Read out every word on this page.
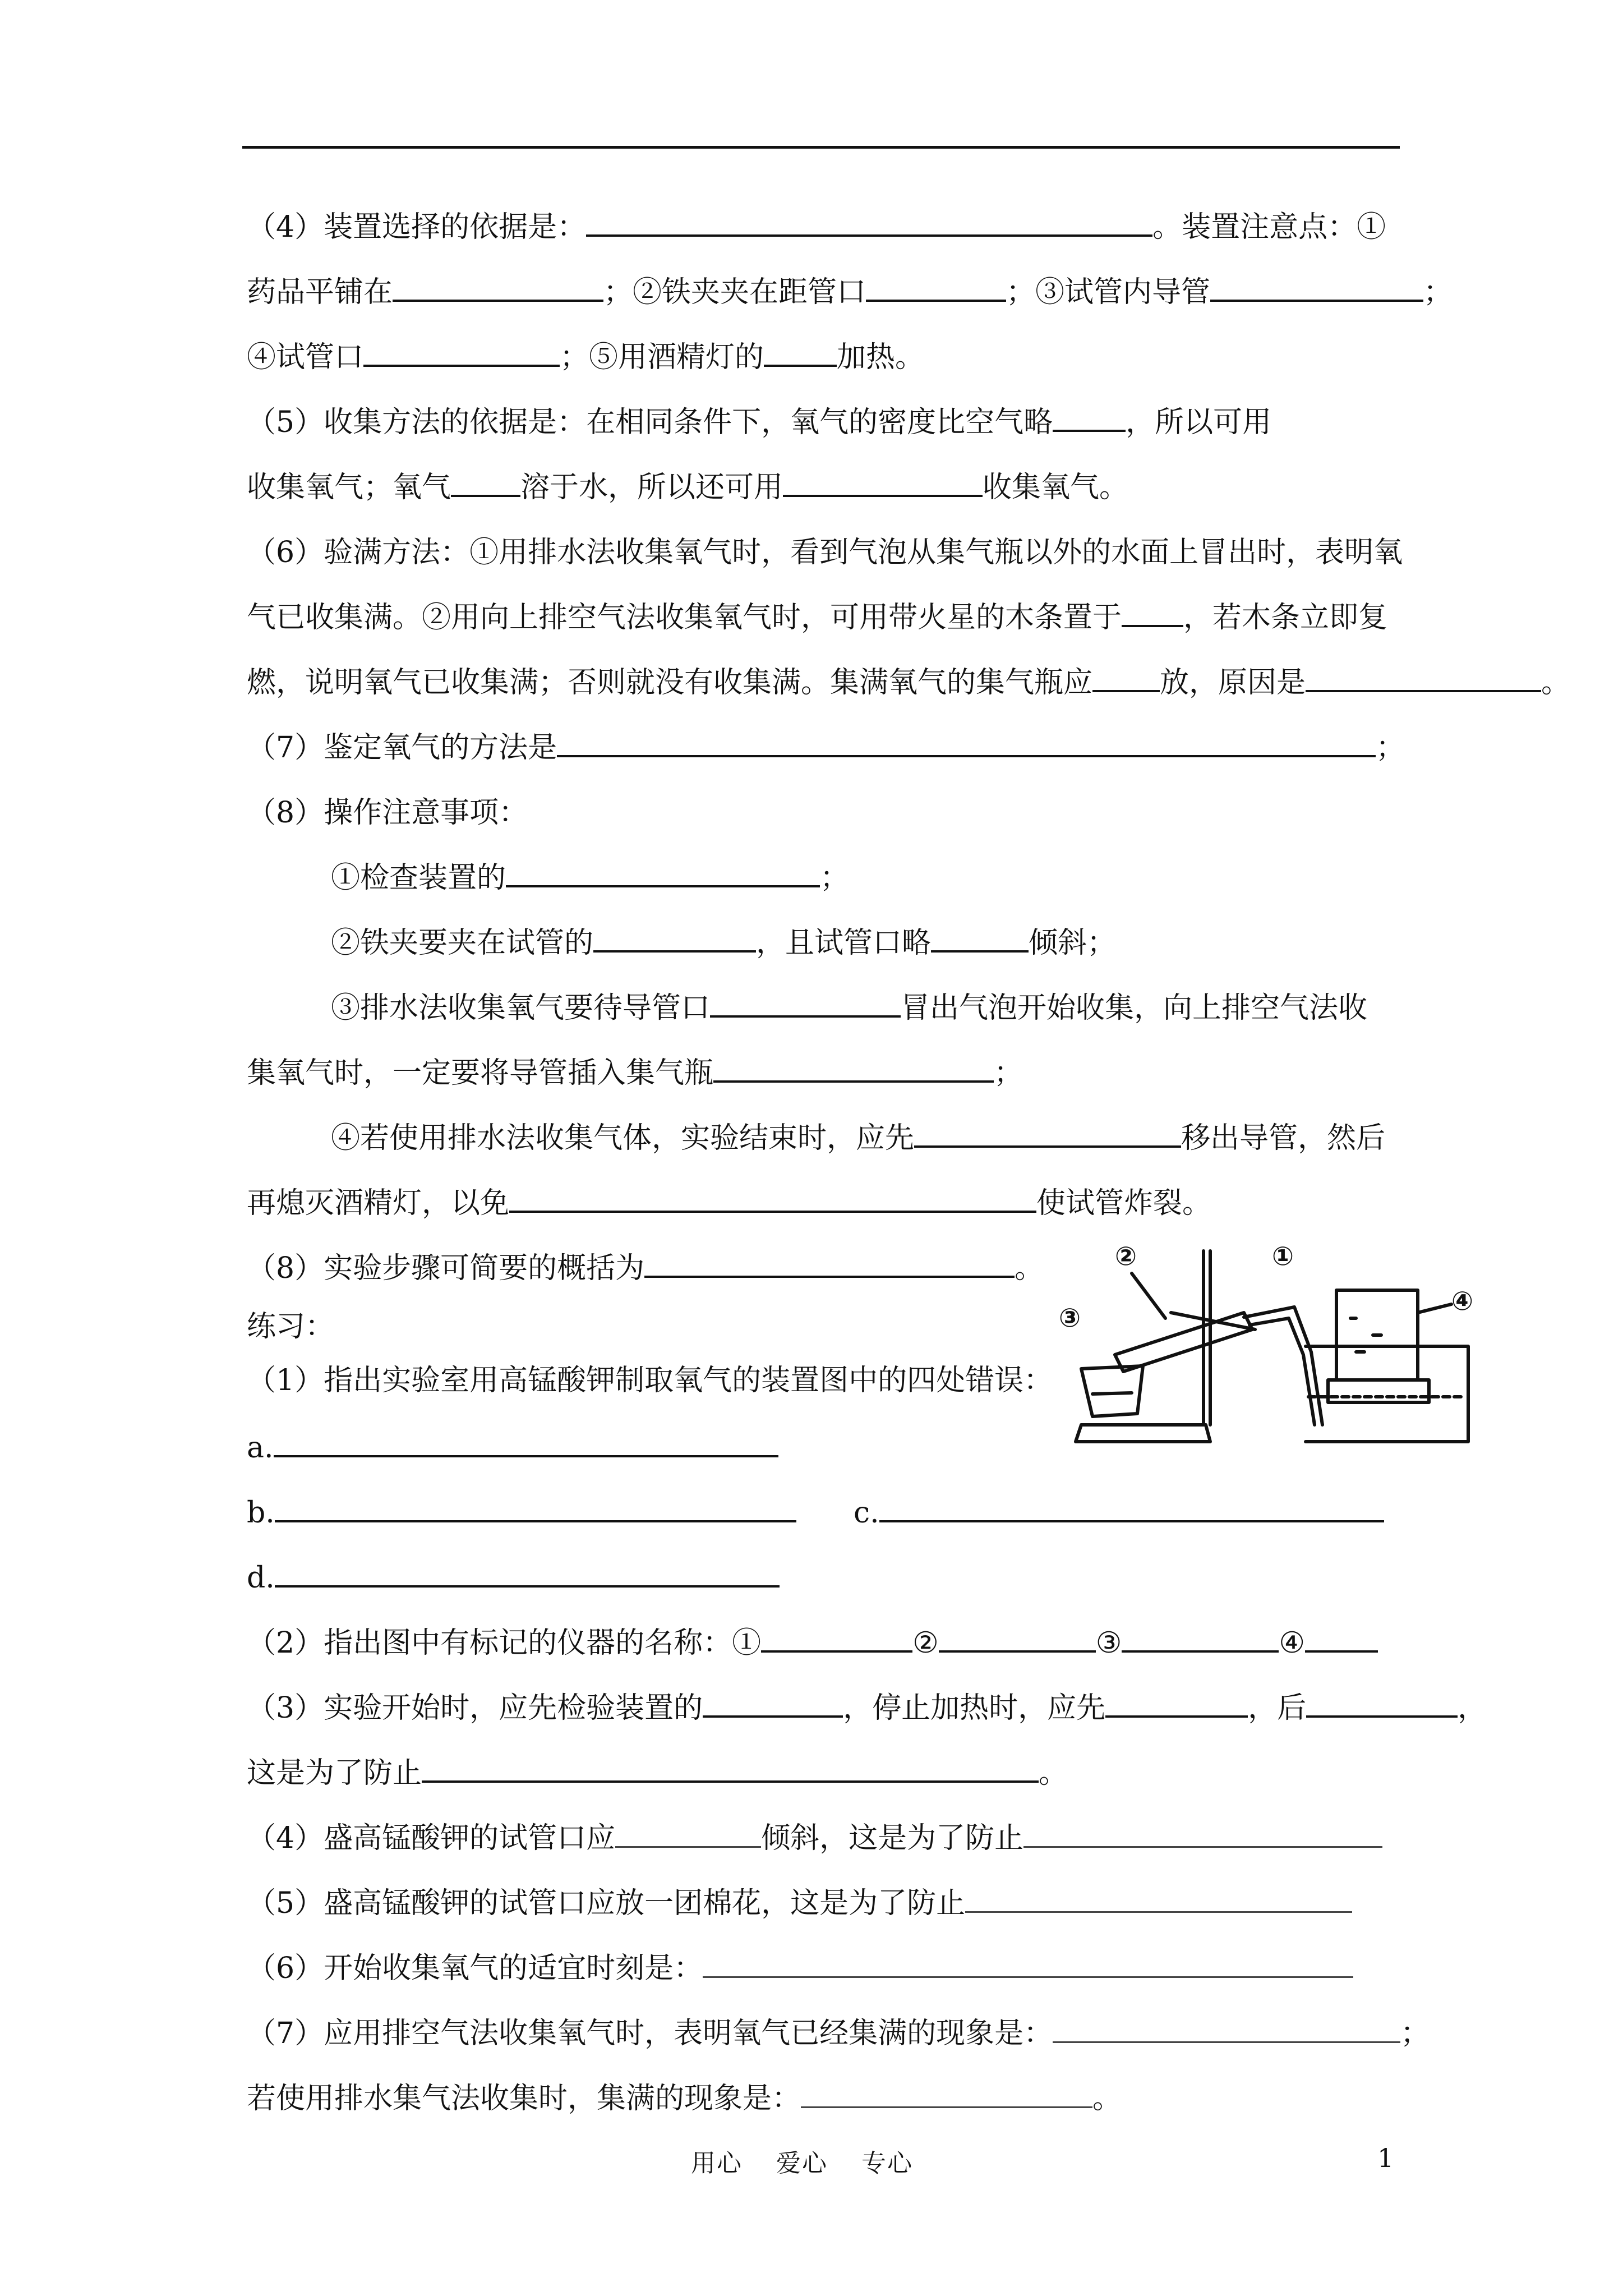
（4）装置选择的依据是：	。装置注意点：①
药品平铺在	；②铁夹夹在距管口	；③试管内导管	；
④试管口	；⑤用酒精灯的	加热。
（5）收集方法的依据是：在相同条件下，氧气的密度比空气略	，所以可用
收集氧气；氧气 溶于水，所以还可用	收集氧气。
（6）验满方法：①用排水法收集氧气时，看到气泡从集气瓶以外的水面上冒出时，表明氧
气已收集满。②用向上排空气法收集氧气时，可用带火星的木条置于 ，若木条立即复
燃，说明氧气已收集满；否则就没有收集满。集满氧气的集气瓶应 放，原因是	。
（7）鉴定氧气的方法是	；
（8）操作注意事项：
①检查装置的	；
②铁夹要夹在试管的	，且试管口略	倾斜；
③排水法收集氧气要待导管口	冒出气泡开始收集，向上排空气法收
集氧气时，一定要将导管插入集气瓶	；
④若使用排水法收集气体，实验结束时，应先	移出导管，然后
再熄灭酒精灯，以免	使试管炸裂。
（8）实验步骤可简要的概括为	。
练习：
（1）指出实验室用高锰酸钾制取氧气的装置图中的四处错误：
a.
b.	c.
d.
（2）指出图中有标记的仪器的名称：①	②	③	④
（3）实验开始时，应先检验装置的	，停止加热时，应先	，后	，
这是为了防止	。
（4）盛高锰酸钾的试管口应	倾斜，这是为了防止
（5）盛高锰酸钾的试管口应放一团棉花，这是为了防止
（6）开始收集氧气的适宜时刻是：
（7）应用排空气法收集氧气时，表明氧气已经集满的现象是：	；
若使用排水集气法收集时，集满的现象是：	。
②	①
③
④
用心 爱心 专心	1
